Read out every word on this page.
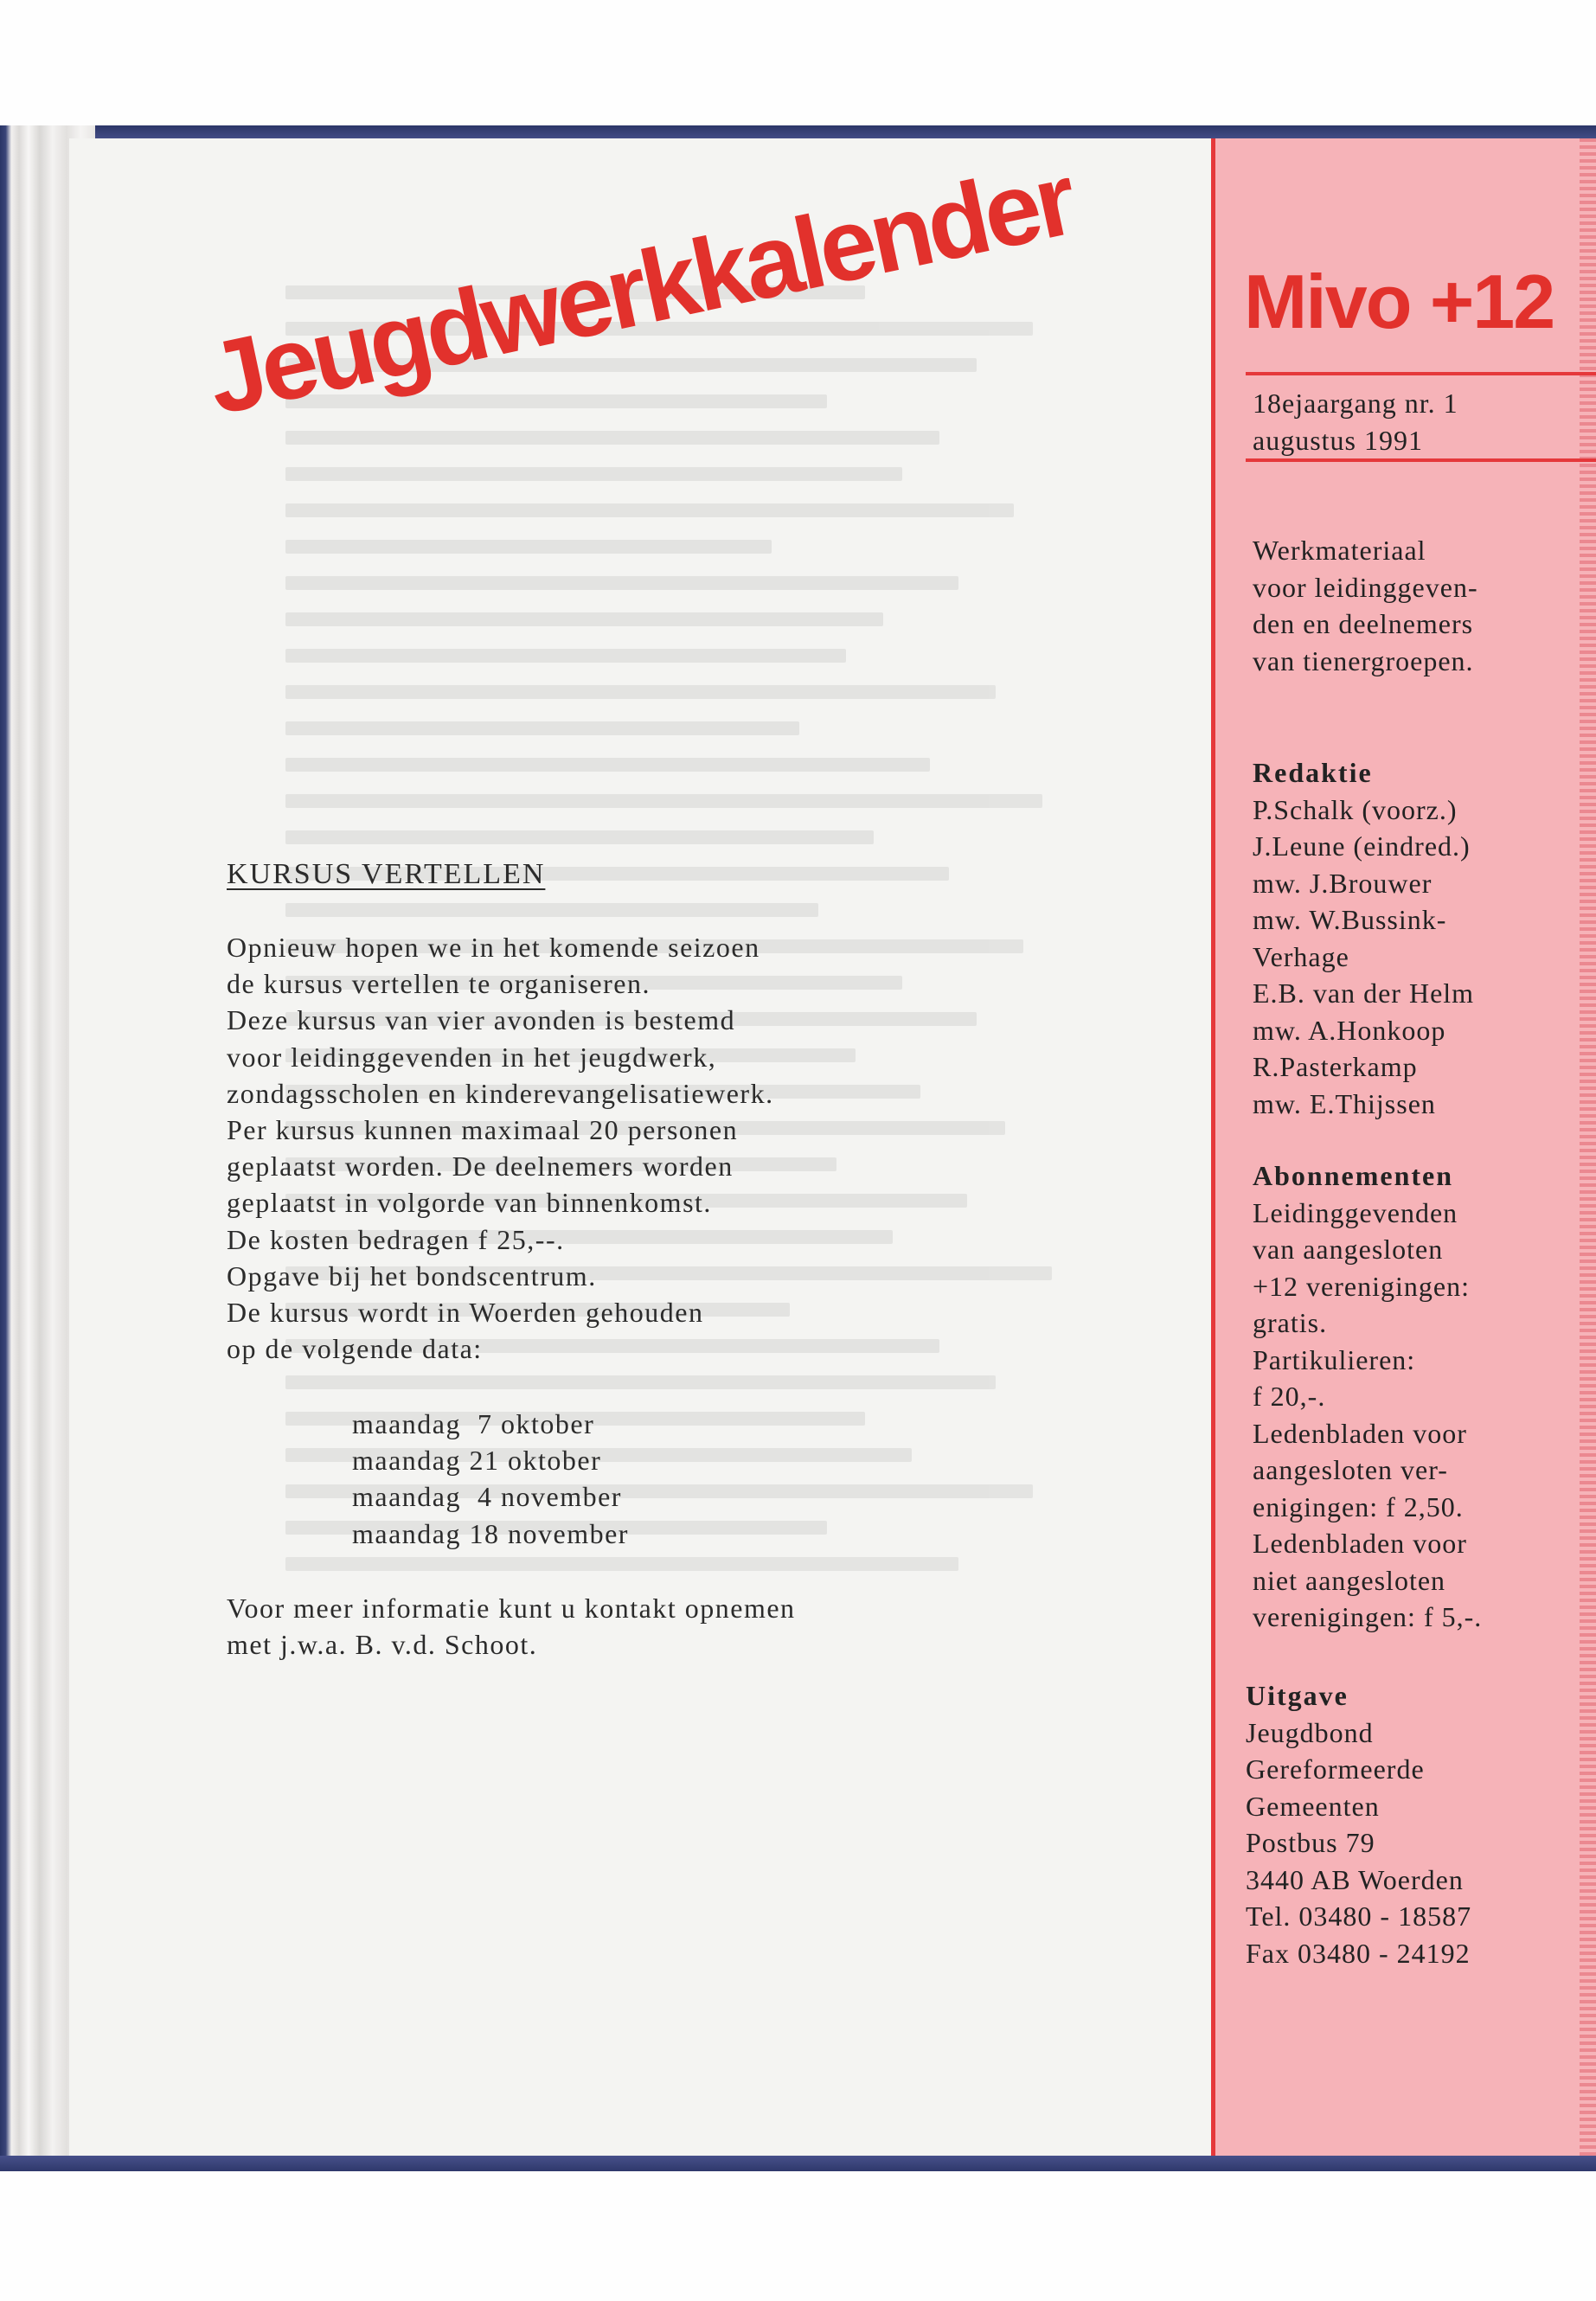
Jeugdwerkkalender
KURSUS VERTELLEN
Opnieuw hopen we in het komende seizoen
de kursus vertellen te organiseren.
Deze kursus van vier avonden is bestemd
voor leidinggevenden in het jeugdwerk,
zondagsscholen en kinderevangelisatiewerk.
Per kursus kunnen maximaal 20 personen
geplaatst worden. De deelnemers worden
geplaatst in volgorde van binnenkomst.
De kosten bedragen f 25,--.
Opgave bij het bondscentrum.
De kursus wordt in Woerden gehouden
op de volgende data:
maandag  7 oktober
maandag 21 oktober
maandag  4 november
maandag 18 november
Voor meer informatie kunt u kontakt opnemen
met j.w.a. B. v.d. Schoot.
Mivo +12
18ejaargang nr. 1
augustus 1991
Werkmateriaal
voor leidinggeven-
den en deelnemers
van tienergroepen.
Redaktie
P.Schalk (voorz.)
J.Leune (eindred.)
mw. J.Brouwer
mw. W.Bussink-
Verhage
E.B. van der Helm
mw. A.Honkoop
R.Pasterkamp
mw. E.Thijssen
Abonnementen
Leidinggevenden
van aangesloten
+12 verenigingen:
gratis.
Partikulieren:
f 20,-.
Ledenbladen voor
aangesloten ver-
enigingen: f 2,50.
Ledenbladen voor
niet aangesloten
verenigingen: f 5,-.
Uitgave
Jeugdbond
Gereformeerde
Gemeenten
Postbus 79
3440 AB Woerden
Tel. 03480 - 18587
Fax 03480 - 24192
